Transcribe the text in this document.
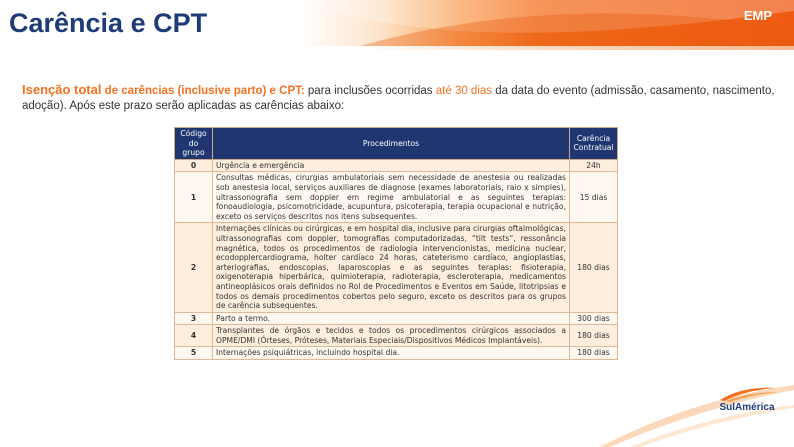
Carência e CPT	EMP
Isenção total de carências (inclusive parto) e CPT: para inclusões ocorridas até 30 dias da data do evento (admissão, casamento, nascimento, adoção). Após este prazo serão aplicadas as carências abaixo:
Código do grupo	Procedimentos	Carência Contratual
0	Urgência e emergência	24h
1	Consultas médicas, cirurgias ambulatoriais sem necessidade de anestesia ou realizadas sob anestesia local, serviços auxiliares de diagnose (exames laboratoriais, raio x simples), ultrassonografia sem doppler em regime ambulatorial e as seguintes terapias: fonoaudiologia, psicomotricidade, acupuntura, psicoterapia, terapia ocupacional e nutrição, exceto os serviços descritos nos itens subsequentes.	15 dias
2	Internações clínicas ou cirúrgicas, e em hospital dia, inclusive para cirurgias oftalmológicas, ultrassonografias com doppler, tomografias computadorizadas, “tilt tests”, ressonância magnética, todos os procedimentos de radiologia intervencionistas, medicina nuclear, ecodopplercardiograma, holter cardíaco 24 horas, cateterismo cardíaco, angioplastias, arteriografias, endoscopias, laparoscopias e as seguintes terapias: fisioterapia, oxigenoterapia hiperbárica, quimioterapia, radioterapia, escleroterapia, medicamentos antineoplásicos orais definidos no Rol de Procedimentos e Eventos em Saúde, litotripsias e todos os demais procedimentos cobertos pelo seguro, exceto os descritos para os grupos de carência subsequentes.	180 dias
3	Parto a termo.	300 dias
4	Transplantes de órgãos e tecidos e todos os procedimentos cirúrgicos associados a OPME/DMI (Órteses, Próteses, Materiais Especiais/Dispositivos Médicos Implantáveis).	180 dias
5	Internações psiquiátricas, incluindo hospital dia.	180 dias
SulAmérica
